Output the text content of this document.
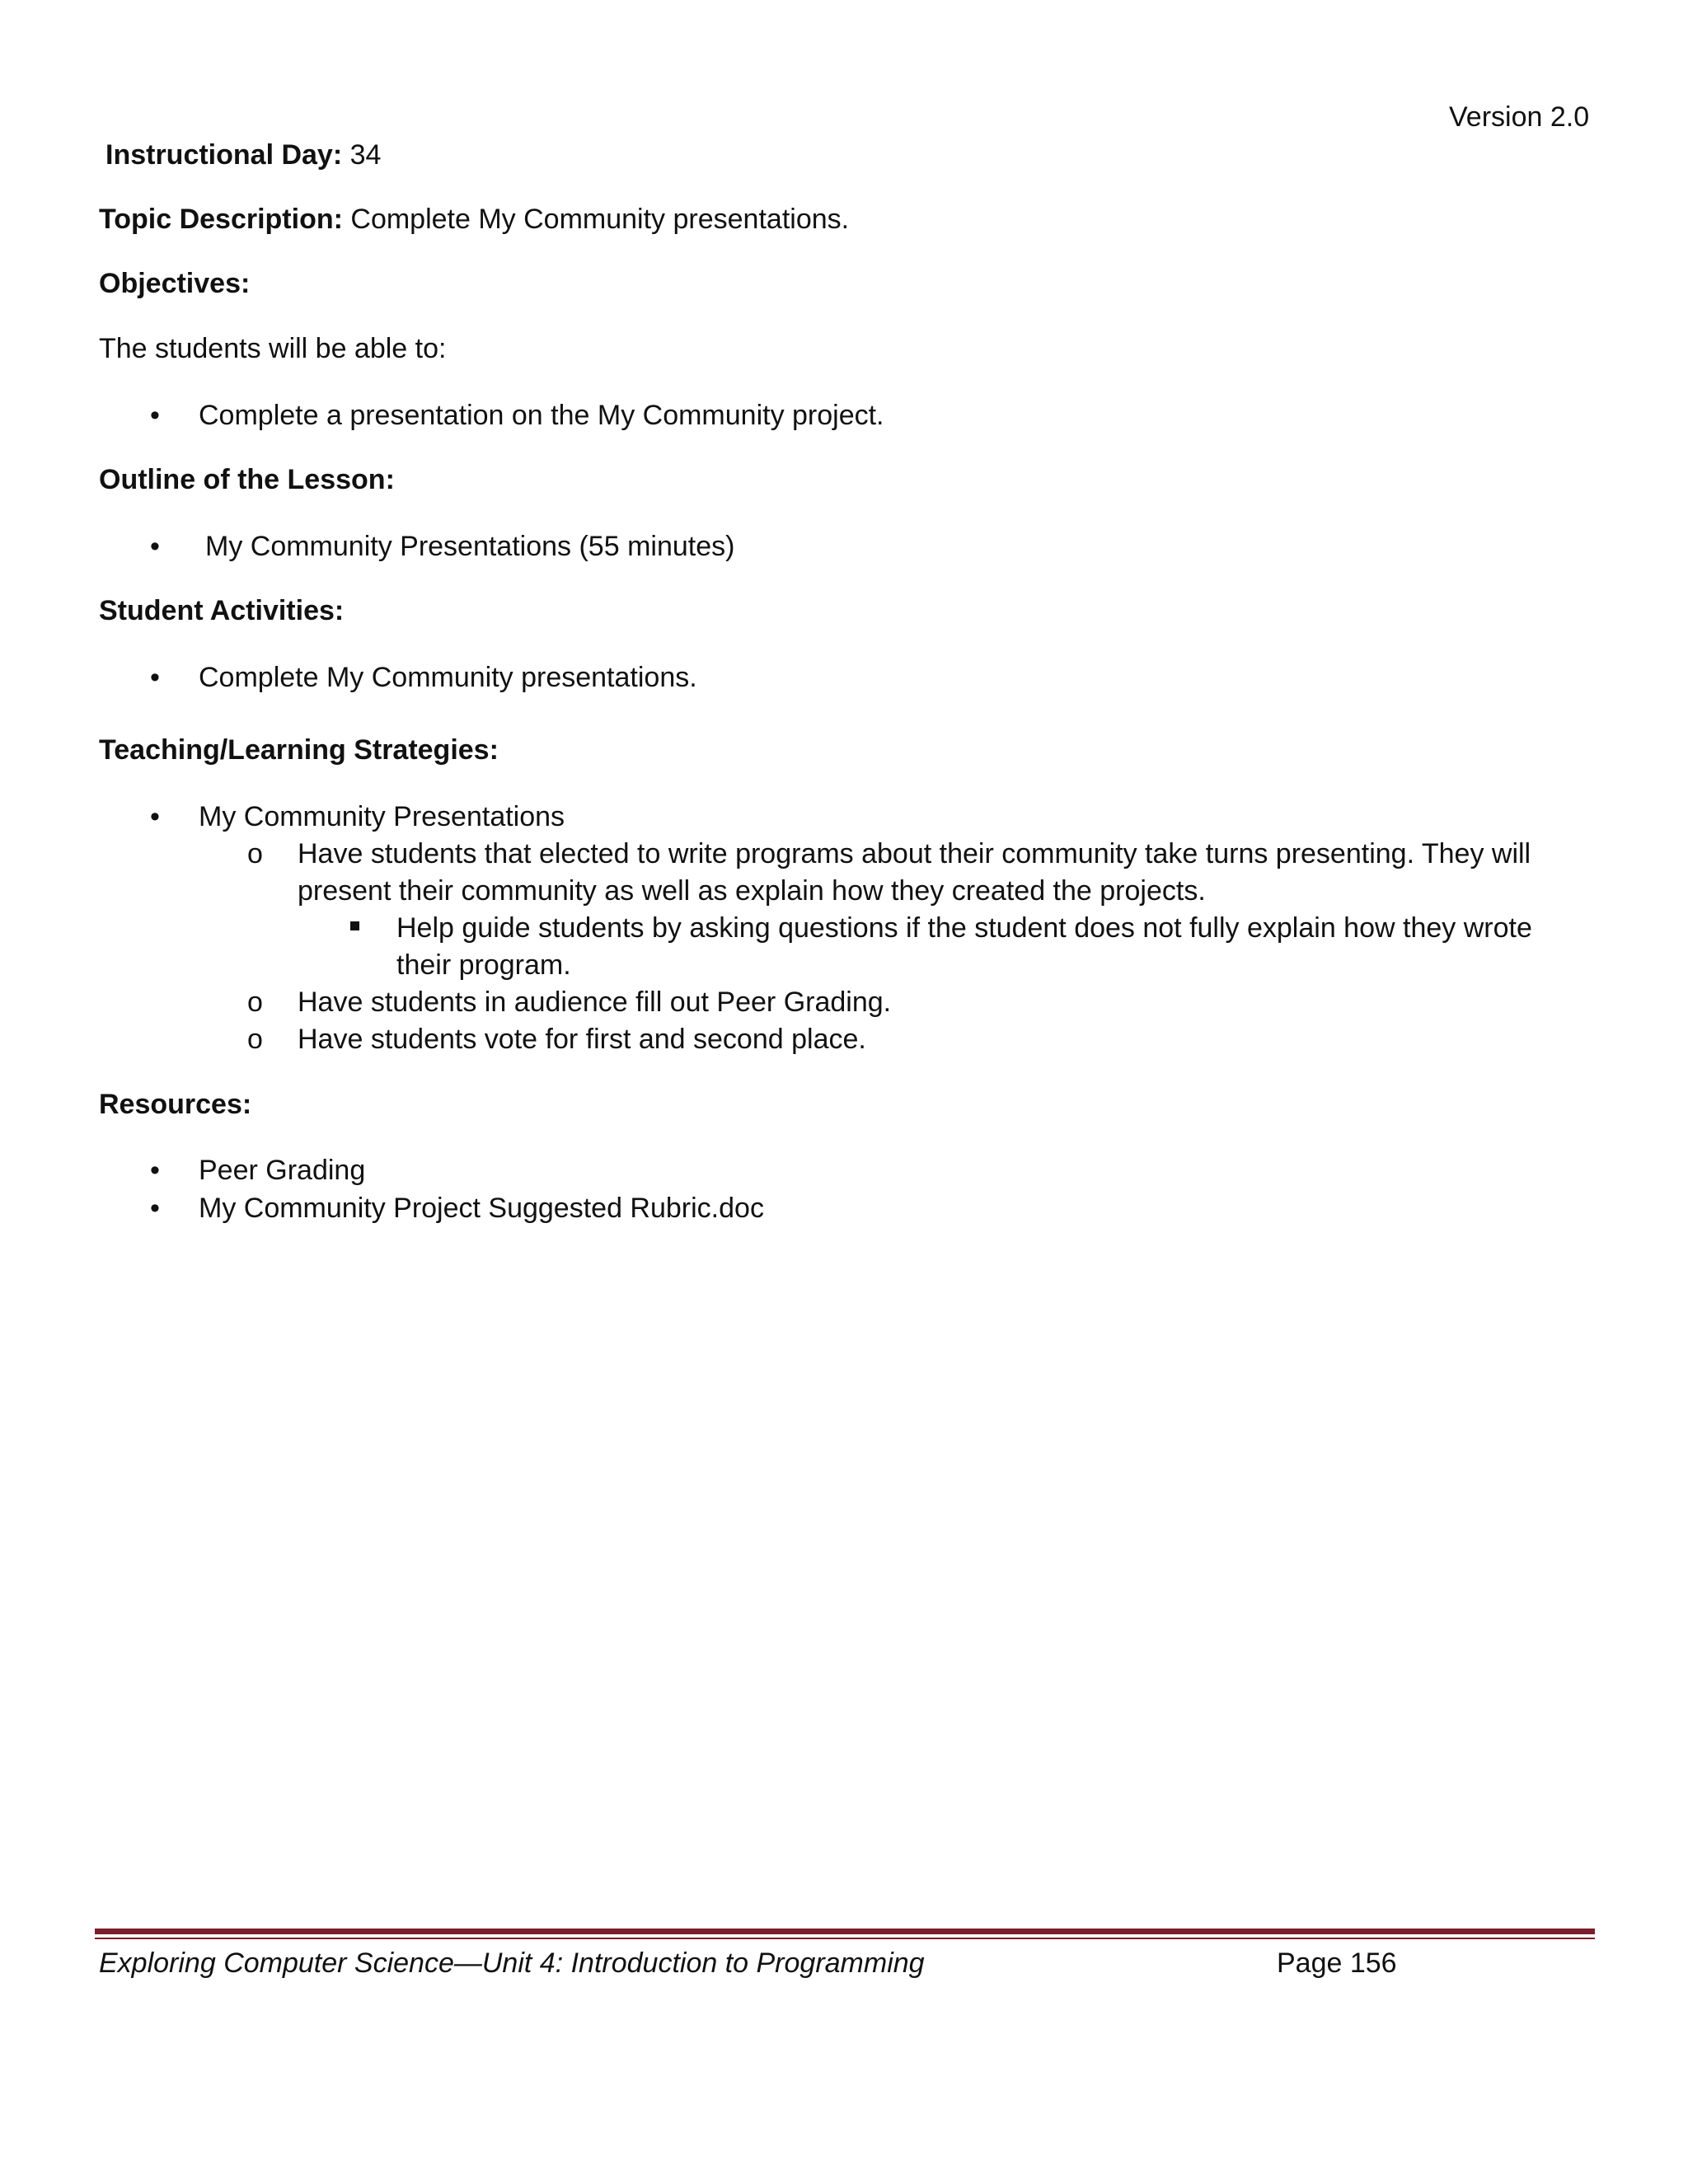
Version 2.0
Instructional Day: 34
Topic Description: Complete My Community presentations.
Objectives:
The students will be able to:
• Complete a presentation on the My Community project.
Outline of the Lesson:
• My Community Presentations (55 minutes)
Student Activities:
• Complete My Community presentations.
Teaching/Learning Strategies:
• My Community Presentations
o Have students that elected to write programs about their community take turns presenting. They will
present their community as well as explain how they created the projects.
Help guide students by asking questions if the student does not fully explain how they wrote
their program.
o Have students in audience fill out Peer Grading.
o Have students vote for first and second place.
Resources:
• Peer Grading
• My Community Project Suggested Rubric.doc
Exploring Computer Science—Unit 4: Introduction to Programming	Page 156
